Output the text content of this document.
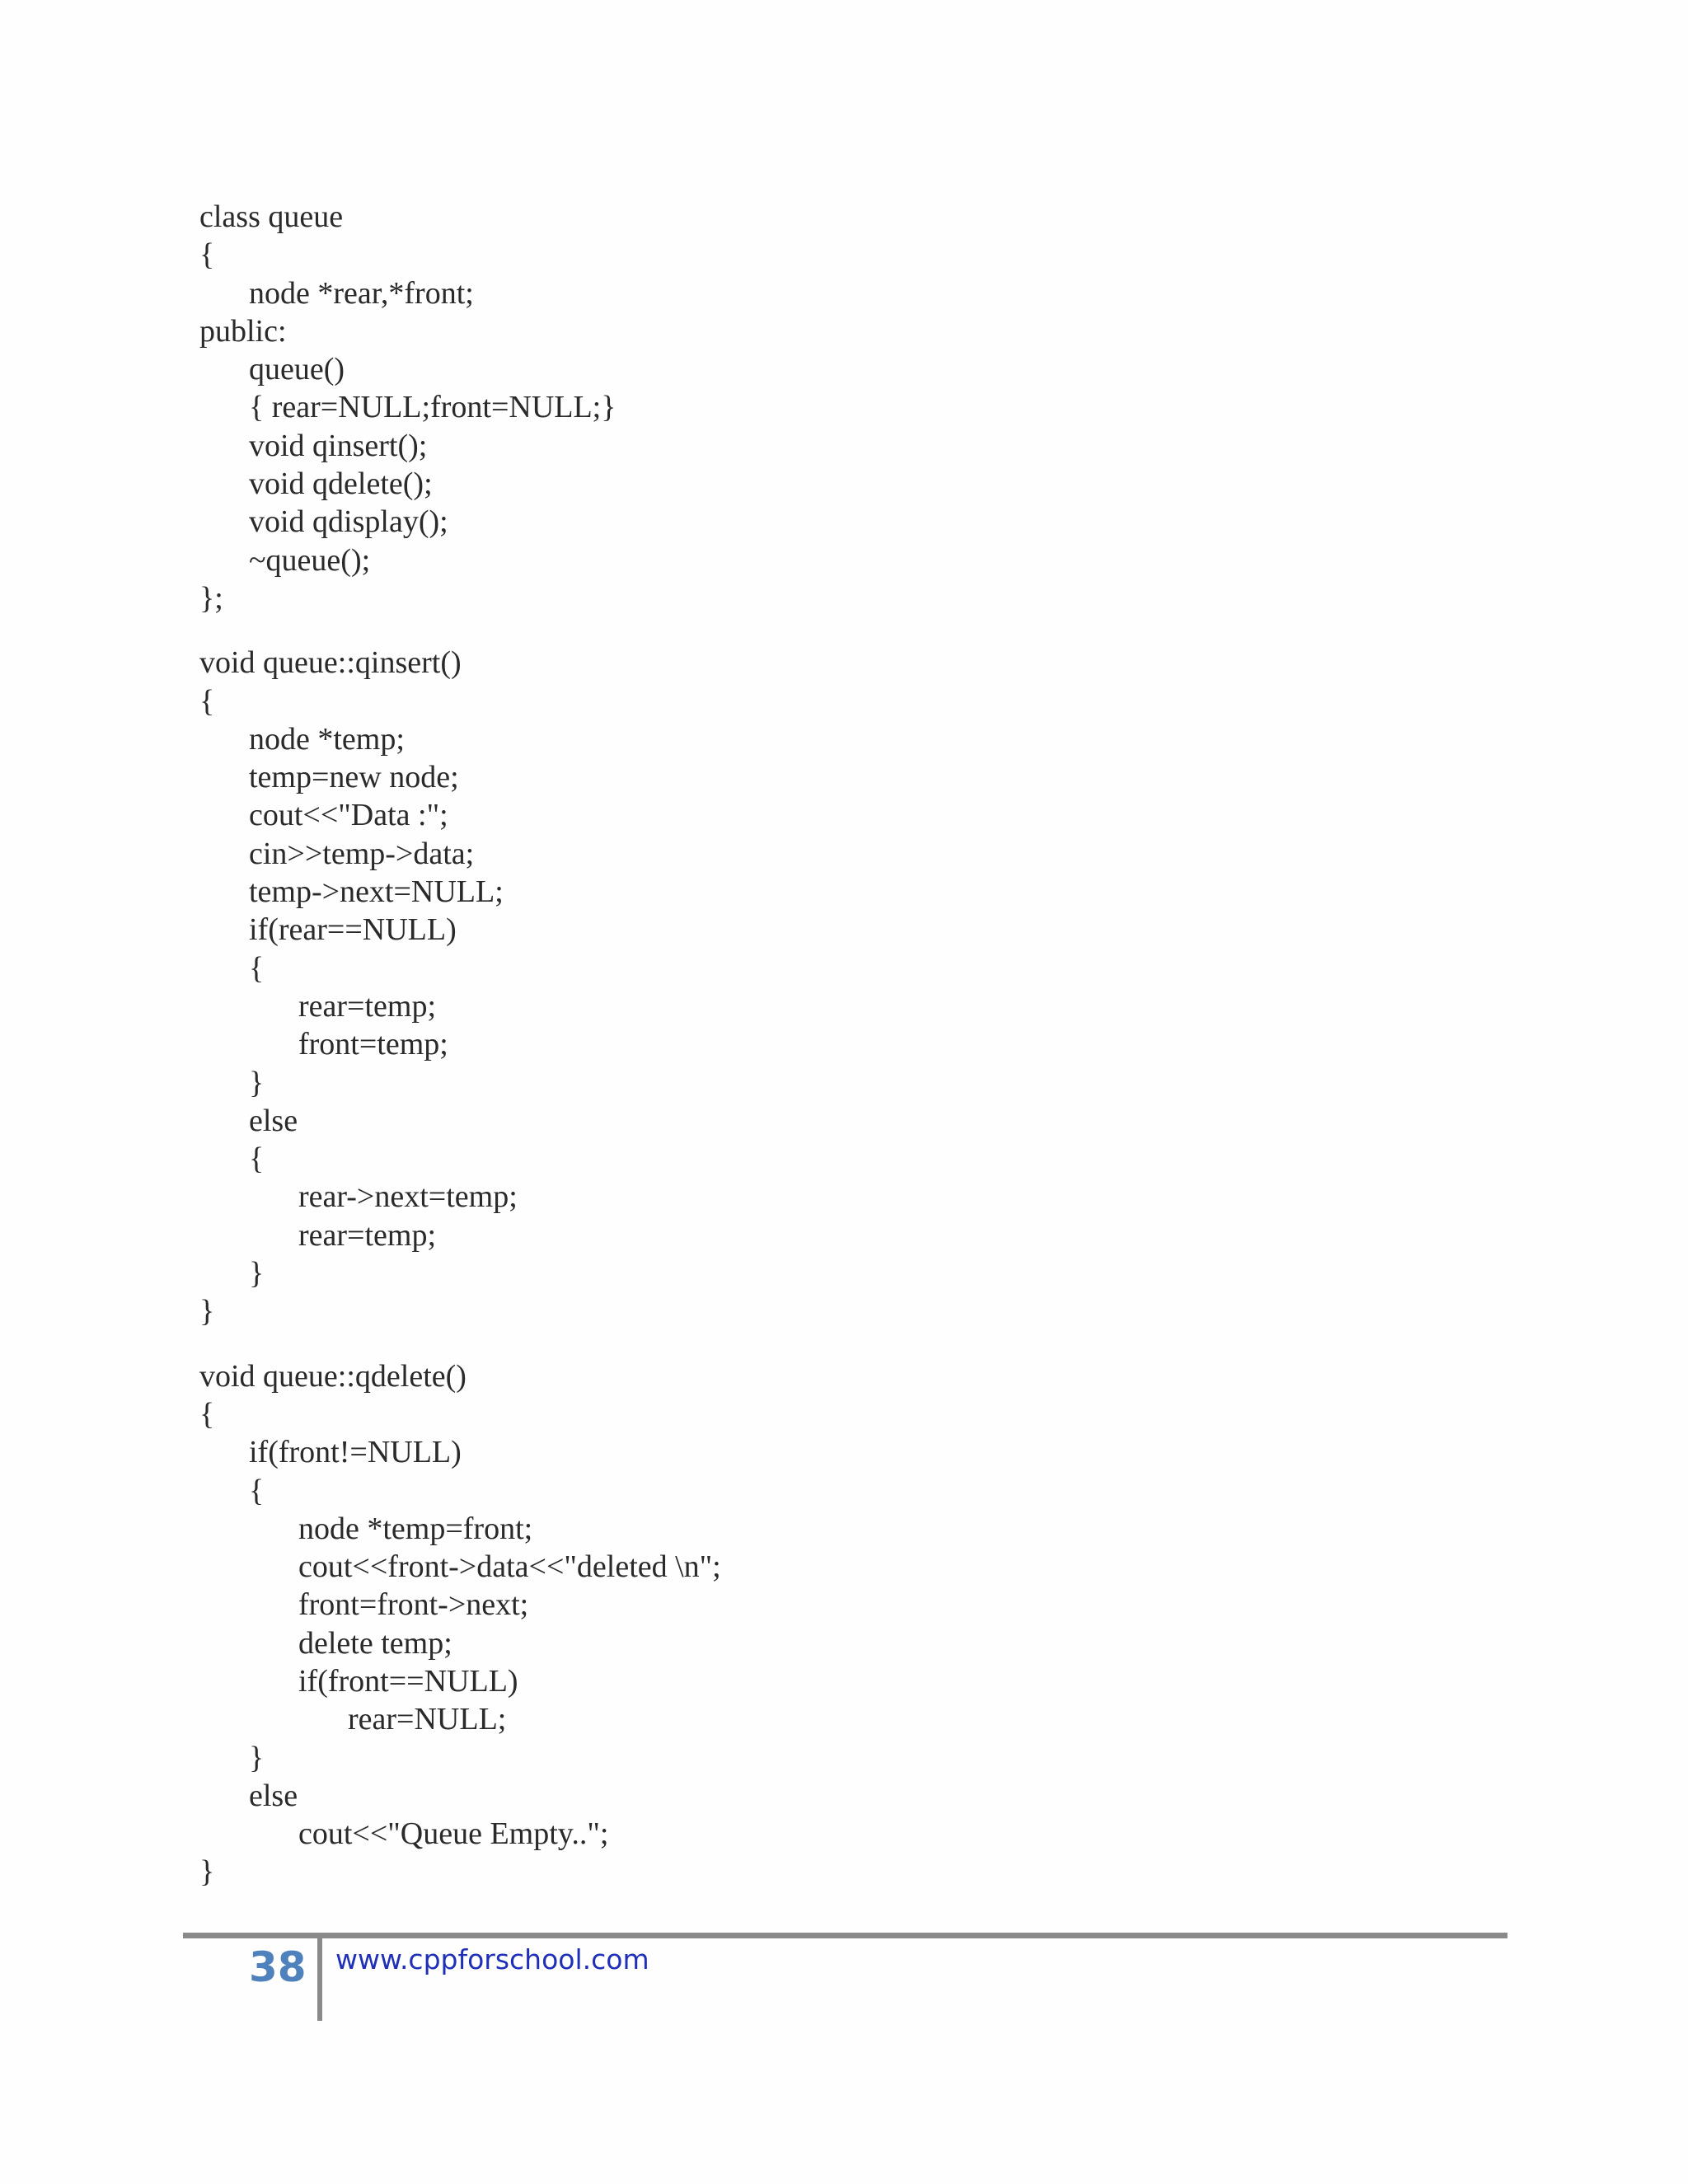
class queue
{
node *rear,*front;
public:
queue()
{ rear=NULL;front=NULL;}
void qinsert();
void qdelete();
void qdisplay();
~queue();
};
void queue::qinsert()
{
node *temp;
temp=new node;
cout<<"Data :";
cin>>temp->data;
temp->next=NULL;
if(rear==NULL)
{
rear=temp;
front=temp;
}
else
{
rear->next=temp;
rear=temp;
}
}
void queue::qdelete()
{
if(front!=NULL)
{
node *temp=front;
cout<<front->data<<"deleted \n";
front=front->next;
delete temp;
if(front==NULL)
rear=NULL;
}
else
cout<<"Queue Empty..";
}
38	www.cppforschool.com
